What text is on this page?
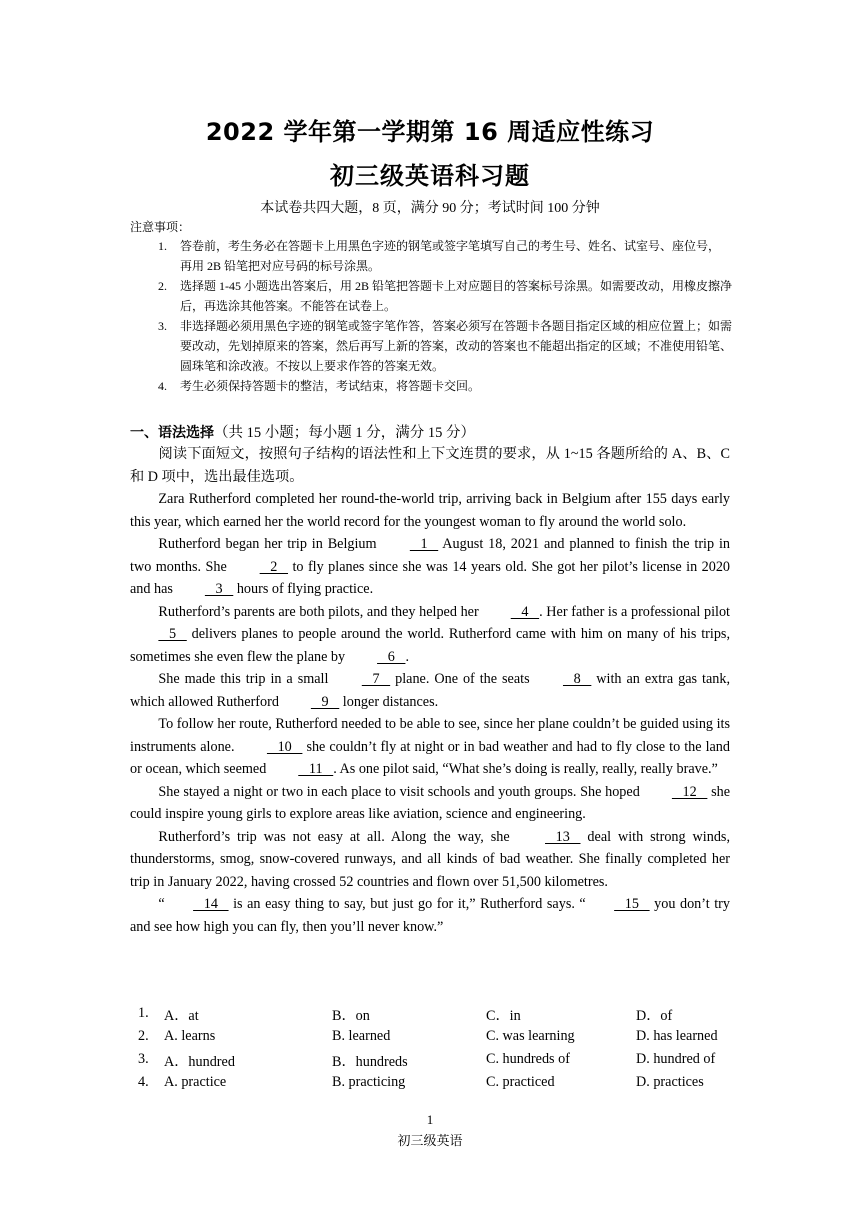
2022 学年第一学期第 16 周适应性练习
初三级英语科习题
本试卷共四大题，8 页，满分 90 分；考试时间 100 分钟
注意事项：
1. 答卷前，考生务必在答题卡上用黑色字迹的钢笔或签字笔填写自己的考生号、姓名、试室号、座位号， 再用 2B 铅笔把对应号码的标号涂黑。
2. 选择题 1-45 小题选出答案后，用 2B 铅笔把答题卡上对应题目的答案标号涂黑。如需要改动，用橡皮擦净后，再选涂其他答案。不能答在试卷上。
3. 非选择题必须用黑色字迹的钢笔或签字笔作答，答案必须写在答题卡各题目指定区域的相应位置上；如需要改动，先划掉原来的答案，然后再写上新的答案，改动的答案也不能超出指定的区域；不准使用铅笔、圆珠笔和涂改液。不按以上要求作答的答案无效。
4. 考生必须保持答题卡的整洁，考试结束，将答题卡交回。
一、语法选择（共 15 小题；每小题 1 分，满分 15 分）

  阅读下面短文，按照句子结构的语法性和上下文连贯的要求，从 1~15 各题所给的 A、B、C 和 D 项中，选出最佳选项。

Zara Rutherford completed her round-the-world trip, arriving back in Belgium after 155 days early this year, which earned her the world record for the youngest woman to fly around the world solo.

Rutherford began her trip in Belgium    1    August 18, 2021 and planned to finish the trip in two months. She    2    to fly planes since she was 14 years old. She got her pilot’s license in 2020 and has    3    hours of flying practice.

Rutherford’s parents are both pilots, and they helped her    4   . Her father is a professional pilot    5    delivers planes to people around the world. Rutherford came with him on many of his trips, sometimes she even flew the plane by    6   .

She made this trip in a small    7    plane. One of the seats    8    with an extra gas tank, which allowed Rutherford    9    longer distances.

To follow her route, Rutherford needed to be able to see, since her plane couldn’t be guided using its instruments alone.    10    she couldn’t fly at night or in bad weather and had to fly close to the land or ocean, which seemed    11   . As one pilot said, “What she’s doing is really, really, really brave.”

She stayed a night or two in each place to visit schools and youth groups. She hoped    12    she could inspire young girls to explore areas like aviation, science and engineering.

Rutherford’s trip was not easy at all. Along the way, she    13    deal with strong winds, thunderstorms, smog, snow-covered runways, and all kinds of bad weather. She finally completed her trip in January 2022, having crossed 52 countries and flown over 51,500 kilometres.

“   14    is an easy thing to say, but just go for it,” Rutherford says. “   15    you don’t try and see how high you can fly, then you’ll never know.”

1. A．at	B．on	C．in	D．of
2. A. learns	B. learned	C. was learning	D. has learned
3. A．hundred	B．hundreds	C. hundreds of	D. hundred of
4. A. practice	B. practicing	C. practiced	D. practices
1
初三级英语
